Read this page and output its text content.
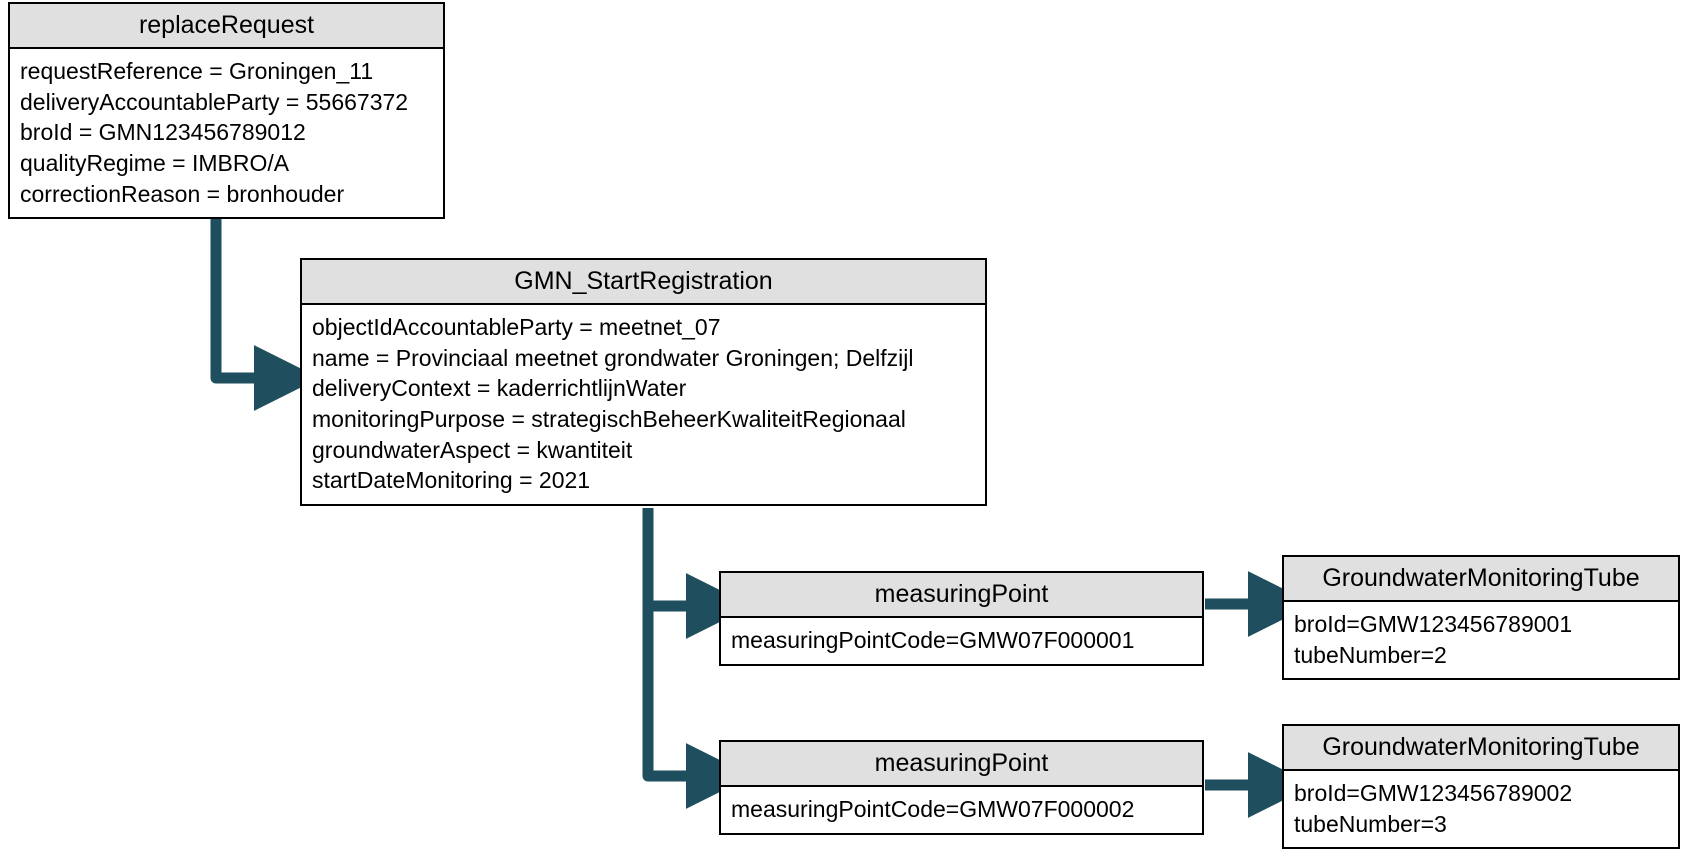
replaceRequest
requestReference = Groningen_11
deliveryAccountableParty = 55667372
broId = GMN123456789012
qualityRegime = IMBRO/A
correctionReason = bronhouder
GMN_StartRegistration
objectIdAccountableParty = meetnet_07
name = Provinciaal meetnet grondwater Groningen; Delfzijl
deliveryContext = kaderrichtlijnWater
monitoringPurpose = strategischBeheerKwaliteitRegionaal
groundwaterAspect = kwantiteit
startDateMonitoring = 2021
measuringPoint
measuringPointCode=GMW07F000001
GroundwaterMonitoringTube
broId=GMW123456789001
tubeNumber=2
measuringPoint
measuringPointCode=GMW07F000002
GroundwaterMonitoringTube
broId=GMW123456789002
tubeNumber=3
